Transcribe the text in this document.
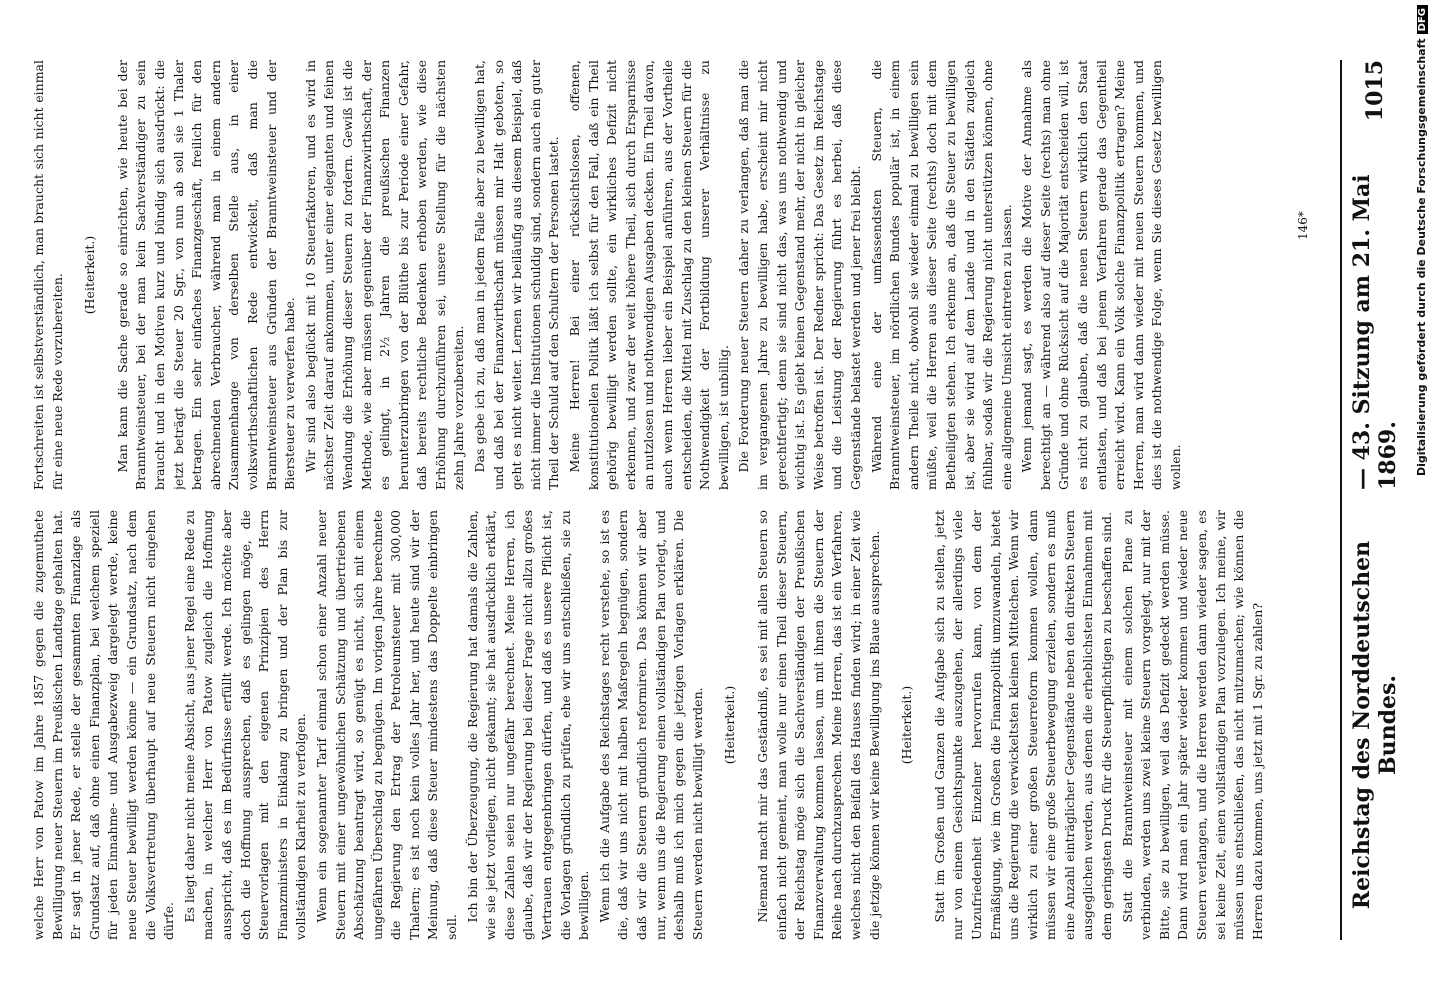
Reichstag des Norddeutschen Bundes.
— 43. Sitzung am 21. Mai 1869.
1015

welche Herr von Patow im Jahre 1857 gegen die zugemuthete Bewilligung neuer Steuern im Preußischen Landtage gehalten hat. Er sagt in jener Rede, er stelle der gesammten Finanzlage als Grundsatz auf, daß ohne einen Finanzplan, bei welchem speziell für jeden Einnahme- und Ausgabezweig dargelegt werde, keine neue Steuer bewilligt werden könne — ein Grundsatz, nach dem die Volksvertretung überhaupt auf neue Steuern nicht eingehen dürfe. Es liegt daher nicht meine Absicht, aus jener Regel eine Rede zu machen, in welcher Herr von Patow zugleich die Hoffnung ausspricht, daß es im Bedürfnisse erfüllt werde. Ich möchte aber doch die Hoffnung aussprechen, daß es gelingen möge, die Steuervorlagen mit den eigenen Prinzipien des Herrn Finanzministers in Einklang zu bringen und der Plan bis zur vollständigen Klarheit zu verfolgen. Wenn ein sogenannter Tarif einmal schon einer Anzahl neuer Steuern mit einer ungewöhnlichen Schätzung und übertriebenen Abschätzung beantragt wird, so genügt es nicht, sich mit einem ungefähren Überschlag zu begnügen. Im vorigen Jahre berechnete die Regierung den Ertrag der Petroleumsteuer mit 300,000 Thalern; es ist noch kein volles Jahr her, und heute sind wir der Meinung, daß diese Steuer mindestens das Doppelte einbringen soll.

Ich bin der Überzeugung, die Regierung hat damals die Zahlen, wie sie jetzt vorliegen, nicht gekannt; sie hat ausdrücklich erklärt, diese Zahlen seien nur ungefähr berechnet. Meine Herren, ich glaube, daß wir der Regierung bei dieser Frage nicht allzu großes Vertrauen entgegenbringen dürfen, und daß es unsere Pflicht ist, die Vorlagen gründlich zu prüfen, ehe wir uns entschließen, sie zu bewilligen. Wenn ich die Aufgabe des Reichstages recht verstehe, so ist es die, daß wir uns nicht mit halben Maßregeln begnügen, sondern daß wir die Steuern gründlich reformiren. Das können wir aber nur, wenn uns die Regierung einen vollständigen Plan vorlegt, und deshalb muß ich mich gegen die jetzigen Vorlagen erklären. Die Steuern werden nicht bewilligt werden. (Heiterkeit.) Niemand macht mir das Geständniß, es sei mit allen Steuern so einfach nicht gemeint, man wolle nur einen Theil dieser Steuern, der Reichstag möge sich die Sachverständigen der Preußischen Finanzverwaltung kommen lassen, um mit ihnen die Steuern der Reihe nach durchzusprechen. Meine Herren, das ist ein Verfahren, welches nicht den Beifall des Hauses finden wird; in einer Zeit wie die jetzige können wir keine Bewilligung ins Blaue aussprechen. (Heiterkeit.) Statt im Großen und Ganzen die Aufgabe sich zu stellen, jetzt nur von einem Gesichtspunkte auszugehen, der allerdings viele Unzufriedenheit Einzelner hervorrufen kann, von dem der Ermäßigung, wie im Großen die Finanzpolitik umzuwandeln, bietet uns die Regierung die verwickeltsten kleinen Mittelchen. Wenn wir wirklich zu einer großen Steuerreform kommen wollen, dann müssen wir eine große Steuerbewegung erzielen, sondern es muß eine Anzahl einträglicher Gegenstände neben den direkten Steuern ausgeglichen werden, aus denen die erheblichsten Einnahmen mit dem geringsten Druck für die Steuerpflichtigen zu beschaffen sind. Statt die Branntweinsteuer mit einem solchen Plane zu verbinden, werden uns zwei kleine Steuern vorgelegt, nur mit der Bitte, sie zu bewilligen, weil das Defizit gedeckt werden müsse. Dann wird man ein Jahr später wieder kommen und wieder neue Steuern verlangen, und die Herren werden dann wieder sagen, es sei keine Zeit, einen vollständigen Plan vorzulegen. Ich meine, wir müssen uns entschließen, das nicht mitzumachen; wie können die Herren dazu kommen, uns jetzt mit 1 Sgr. zu zahlen?

Fortschreiten ist selbstverständlich, man braucht sich nicht einmal für eine neue Rede vorzubereiten. (Heiterkeit.) Man kann die Sache gerade so einrichten, wie heute bei der Branntweinsteuer, bei der man kein Sachverständiger zu sein braucht und in den Motiven kurz und bündig sich ausdrückt: die jetzt beträgt die Steuer 20 Sgr., von nun ab soll sie 1 Thaler betragen. Ein sehr einfaches Finanzgeschäft, freilich für den abrechnenden Verbraucher, während man in einem andern Zusammenhange von derselben Stelle aus, in einer volkswirthschaftlichen Rede entwickelt, daß man die Branntweinsteuer aus Gründen der Branntweinsteuer und der Biersteuer zu verwerfen habe. Wir sind also beglückt mit 10 Steuerfaktoren, und es wird in nächster Zeit darauf ankommen, unter einer eleganten und feinen Wendung die Erhöhung dieser Steuern zu fordern. Gewiß ist die Methode, wie aber müssen gegenüber der Finanzwirthschaft, der es gelingt, in 2½ Jahren die preußischen Finanzen herunterzubringen von der Blüthe bis zur Periode einer Gefahr, daß bereits rechtliche Bedenken erhoben werden, wie diese Erhöhung durchzuführen sei, unsere Stellung für die nächsten zehn Jahre vorzubereiten. Das gebe ich zu, daß man in jedem Falle aber zu bewilligen hat, und daß bei der Finanzwirthschaft müssen mir Halt geboten, so geht es nicht weiter. Lernen wir beiläufig aus diesem Beispiel, daß nicht immer die Institutionen schuldig sind, sondern auch ein guter Theil der Schuld auf den Schultern der Personen lastet. Meine Herren! Bei einer rücksichtslosen, offenen, konstitutionellen Politik läßt ich selbst für den Fall, daß ein Theil gehörig bewilligt werden sollte, ein wirkliches Defizit nicht erkennen, und zwar der weit höhere Theil, sich durch Ersparnisse an nutzlosen und nothwendigen Ausgaben decken. Ein Theil davon, auch wenn Herren lieber ein Beispiel anführen, aus der Vortheile entscheiden, die Mittel mit Zuschlag zu den kleinen Steuern für die Nothwendigkeit der Fortbildung unserer Verhältnisse zu bewilligen, ist unbillig. Die Forderung neuer Steuern daher zu verlangen, daß man die im vergangenen Jahre zu bewilligen habe, erscheint mir nicht gerechtfertigt; denn sie sind nicht das, was uns nothwendig und wichtig ist. Es giebt keinen Gegenstand mehr, der nicht in gleicher Weise betroffen ist. Der Redner spricht: Das Gesetz im Reichstage und die Leistung der Regierung führt es herbei, daß diese Gegenstände belastet werden und jener frei bleibt. Während eine der umfassendsten Steuern, die Branntweinsteuer, im nördlichen Bundes populär ist, in einem andern Theile nicht, obwohl sie wieder einmal zu bewilligen sein müßte, weil die Herren aus dieser Seite (rechts) doch mit dem Betheiligten stehen. Ich erkenne an, daß die Steuer zu bewilligen ist, aber sie wird auf dem Lande und in den Städten zugleich fühlbar, sodaß wir die Regierung nicht unterstützen können, ohne eine allgemeine Umsicht eintreten zu lassen. Wenn jemand sagt, es werden die Motive der Annahme als berechtigt an — während also auf dieser Seite (rechts) man ohne Gründe und ohne Rücksicht auf die Majorität entscheiden will, ist es nicht zu glauben, daß die neuen Steuern wirklich den Staat entlasten, und daß bei jenem Verfahren gerade das Gegentheil erreicht wird. Kann ein Volk solche Finanzpolitik ertragen? Meine Herren, man wird dann wieder mit neuen Steuern kommen, und dies ist die nothwendige Folge, wenn Sie dieses Gesetz bewilligen wollen.

146*	Digitalisierung gefördert durch die Deutsche ForschungsgemeinschaftDFG
